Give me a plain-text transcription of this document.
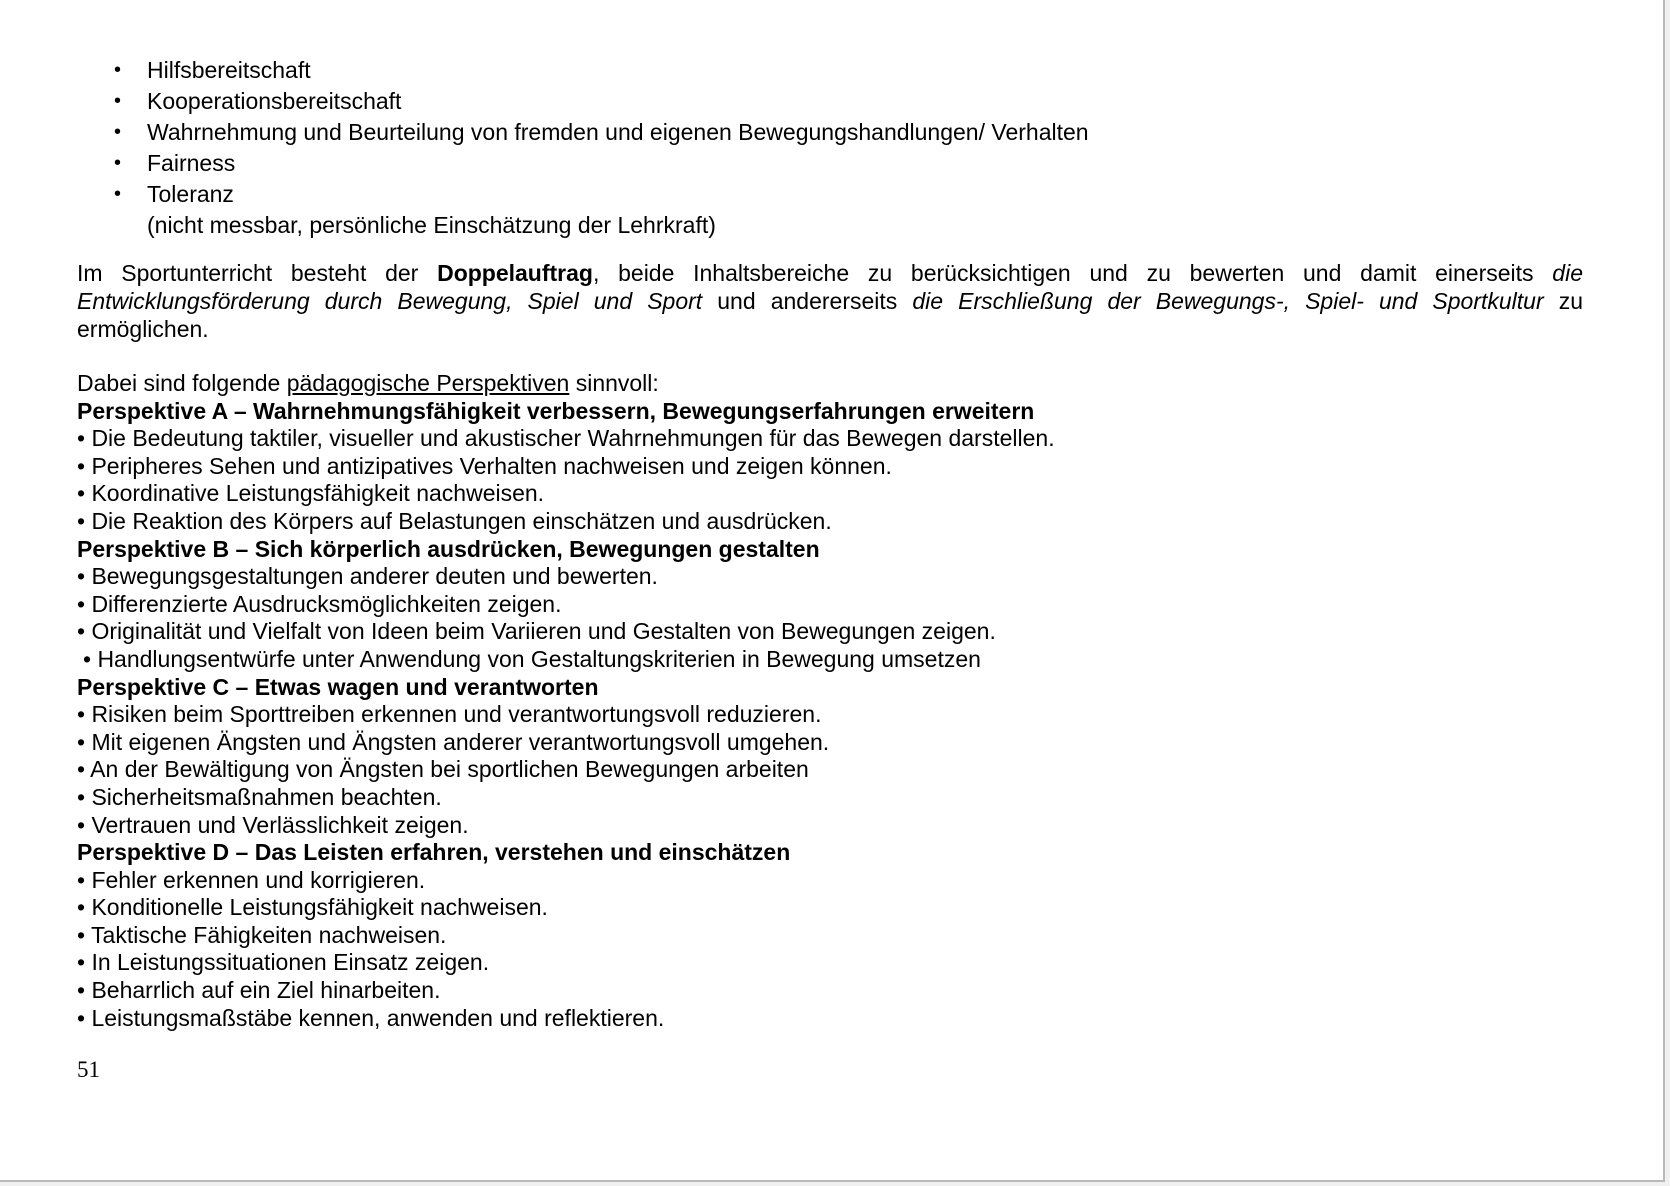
• Hilfsbereitschaft
• Kooperationsbereitschaft
• Wahrnehmung und Beurteilung von fremden und eigenen Bewegungshandlungen/ Verhalten
• Fairness
• Toleranz
(nicht messbar, persönliche Einschätzung der Lehrkraft)
Im Sportunterricht besteht der Doppelauftrag, beide Inhaltsbereiche zu berücksichtigen und zu bewerten und damit einerseits die Entwicklungsförderung durch Bewegung, Spiel und Sport und andererseits die Erschließung der Bewegungs-, Spiel- und Sportkultur zu ermöglichen.
Dabei sind folgende pädagogische Perspektiven sinnvoll:
Perspektive A – Wahrnehmungsfähigkeit verbessern, Bewegungserfahrungen erweitern
• Die Bedeutung taktiler, visueller und akustischer Wahrnehmungen für das Bewegen darstellen.
• Peripheres Sehen und antizipatives Verhalten nachweisen und zeigen können.
• Koordinative Leistungsfähigkeit nachweisen.
• Die Reaktion des Körpers auf Belastungen einschätzen und ausdrücken.
Perspektive B – Sich körperlich ausdrücken, Bewegungen gestalten
• Bewegungsgestaltungen anderer deuten und bewerten.
• Differenzierte Ausdrucksmöglichkeiten zeigen.
• Originalität und Vielfalt von Ideen beim Variieren und Gestalten von Bewegungen zeigen.
• Handlungsentwürfe unter Anwendung von Gestaltungskriterien in Bewegung umsetzen
Perspektive C – Etwas wagen und verantworten
• Risiken beim Sporttreiben erkennen und verantwortungsvoll reduzieren.
• Mit eigenen Ängsten und Ängsten anderer verantwortungsvoll umgehen.
• An der Bewältigung von Ängsten bei sportlichen Bewegungen arbeiten
• Sicherheitsmaßnahmen beachten.
• Vertrauen und Verlässlichkeit zeigen.
Perspektive D – Das Leisten erfahren, verstehen und einschätzen
• Fehler erkennen und korrigieren.
• Konditionelle Leistungsfähigkeit nachweisen.
• Taktische Fähigkeiten nachweisen.
• In Leistungssituationen Einsatz zeigen.
• Beharrlich auf ein Ziel hinarbeiten.
• Leistungsmaßstäbe kennen, anwenden und reflektieren.
51
